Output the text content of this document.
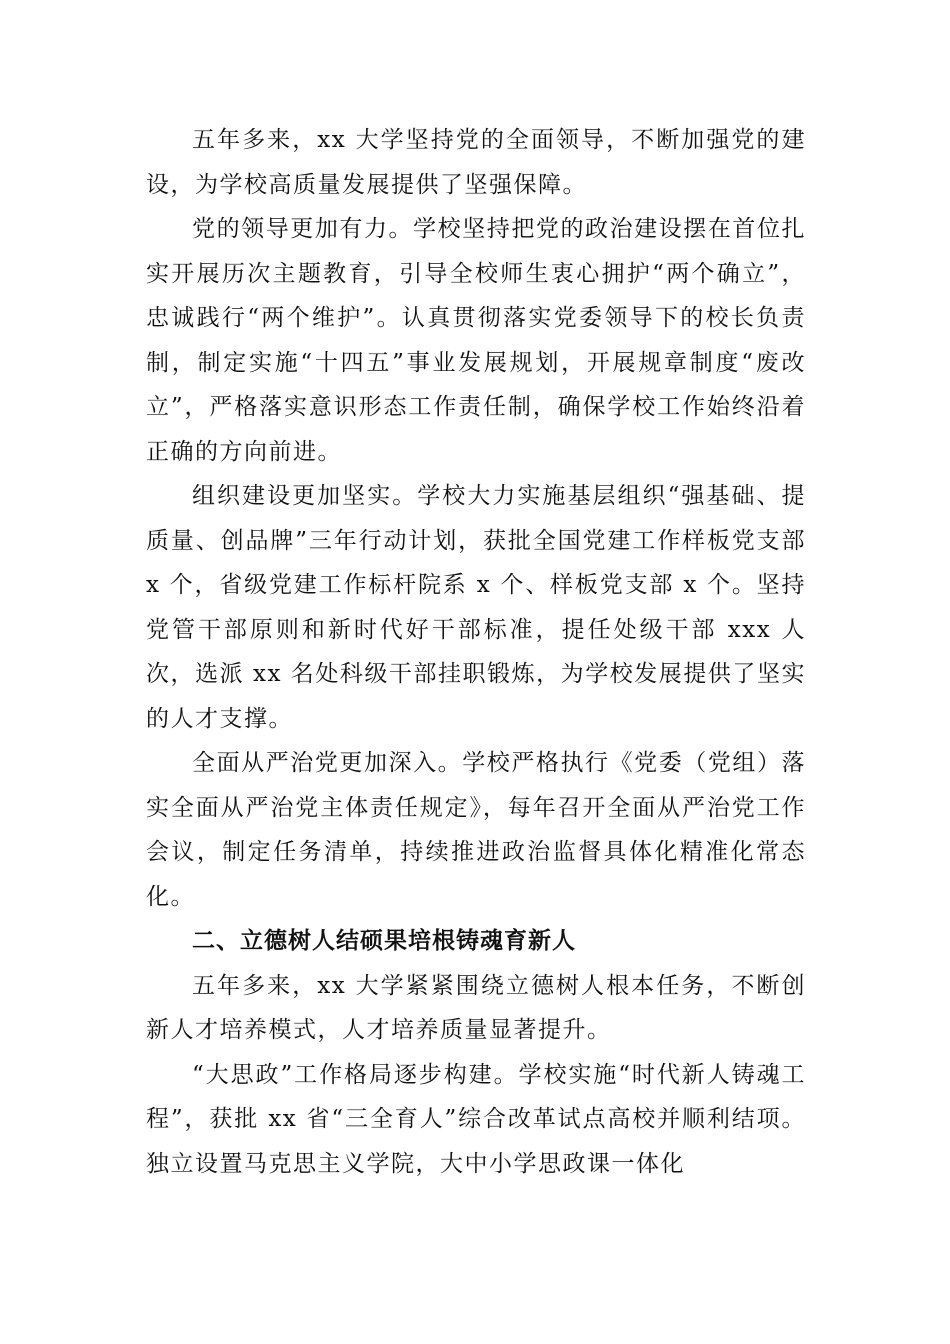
五年多来，xx 大学坚持党的全面领导，不断加强党的建设，为学校高质量发展提供了坚强保障。

党的领导更加有力。学校坚持把党的政治建设摆在首位扎实开展历次主题教育，引导全校师生衷心拥护“两个确立”，忠诚践行“两个维护”。认真贯彻落实党委领导下的校长负责制，制定实施“十四五”事业发展规划，开展规章制度“废改立”，严格落实意识形态工作责任制，确保学校工作始终沿着正确的方向前进。

组织建设更加坚实。学校大力实施基层组织“强基础、提质量、创品牌”三年行动计划，获批全国党建工作样板党支部 x 个，省级党建工作标杆院系 x 个、样板党支部 x 个。坚持党管干部原则和新时代好干部标准，提任处级干部 xxx 人次，选派 xx 名处科级干部挂职锻炼，为学校发展提供了坚实的人才支撑。

全面从严治党更加深入。学校严格执行《党委（党组）落实全面从严治党主体责任规定》，每年召开全面从严治党工作会议，制定任务清单，持续推进政治监督具体化精准化常态化。

二、立德树人结硕果培根铸魂育新人

五年多来，xx 大学紧紧围绕立德树人根本任务，不断创新人才培养模式，人才培养质量显著提升。

“大思政”工作格局逐步构建。学校实施“时代新人铸魂工程”，获批 xx 省“三全育人”综合改革试点高校并顺利结项。独立设置马克思主义学院，大中小学思政课一体化
